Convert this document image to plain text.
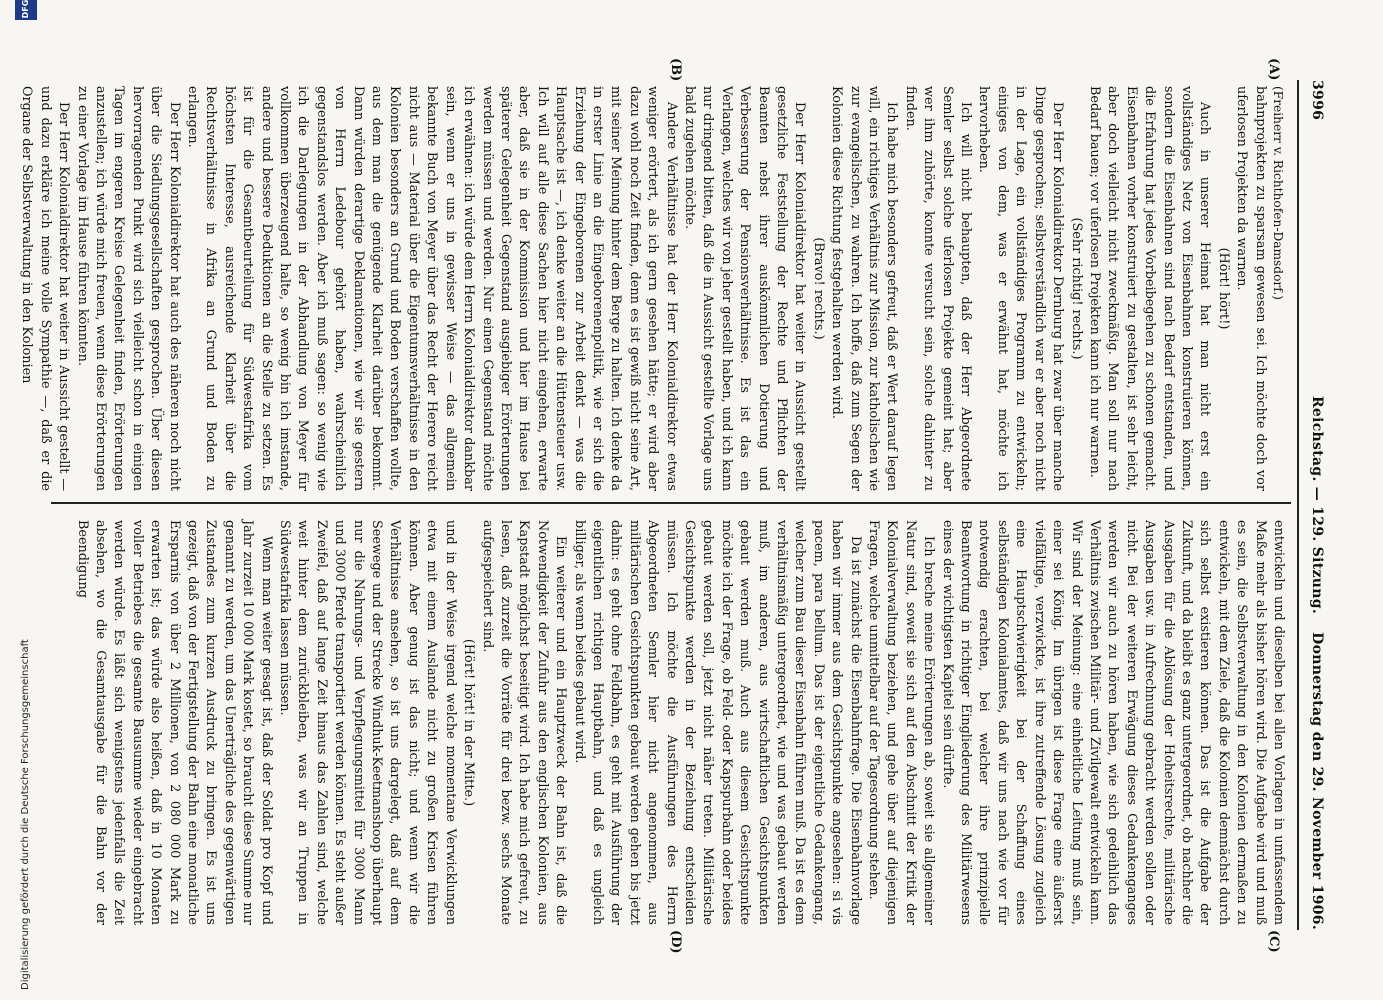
3996
Reichstag. — 129. Sitzung.
Donnerstag den 29. November 1906.
(A)
(B)
(C)
(D)

(Freiherr v. Richthofen-Damsdorf.)

bahnprojekten zu sparsam gewesen sei. Ich möchte doch vor uferlosen Projekten da warnen.

(Hört! hört!)

Auch in unserer Heimat hat man nicht erst ein vollständiges Netz von Eisenbahnen konstruieren können, sondern die Eisenbahnen sind nach Bedarf entstanden, und die Erfahrung hat jedes Vorbeibegehen zu schonen gemacht. Eisenbahnen vorher konstruiert zu gestalten, ist sehr leicht, aber doch vielleicht nicht zweckmäßig. Man soll nur nach Bedarf bauen; vor uferlosen Projekten kann ich nur warnen.

(Sehr richtig! rechts.)

Der Herr Kolonialdirektor Dernburg hat zwar über manche Dinge gesprochen; selbstverständlich war er aber noch nicht in der Lage, ein vollständiges Programm zu entwickeln; einiges von dem, was er erwähnt hat, möchte ich hervorheben.

Ich will nicht behaupten, daß der Herr Abgeordnete Semler selbst solche uferlosen Projekte gemeint hat; aber wer ihm zuhörte, konnte versucht sein, solche dahinter zu finden.

Ich habe mich besonders gefreut, daß er Wert darauf legen will, ein richtiges Verhältnis zur Mission, zur katholischen wie zur evangelischen, zu wahren. Ich hoffe, daß zum Segen der Kolonien diese Richtung festgehalten werden wird.

(Bravo! rechts.)

Der Herr Kolonialdirektor hat weiter in Aussicht gestellt gesetzliche Feststellung der Rechte und Pflichten der Beamten nebst ihrer auskömmlichen Dotierung und Verbesserung der Pensionsverhältnisse. Es ist das ein Verlangen, welches wir von jeher gestellt haben, und ich kann nur dringend bitten, daß die in Aussicht gestellte Vorlage uns bald zugehen möchte.

Andere Verhältnisse hat der Herr Kolonialdirektor etwas weniger erörtert, als ich gern gesehen hätte; er wird aber dazu wohl noch Zeit finden, denn es ist gewiß nicht seine Art, mit seiner Meinung hinter dem Berge zu halten. Ich denke da in erster Linie an die Eingeborenenpolitik, wie er sich die Erziehung der Eingeborenen zur Arbeit denkt — was die Hauptsache ist —, ich denke weiter an die Hüttensteuer usw. Ich will auf alle diese Sachen hier nicht eingehen, erwarte aber, daß sie in der Kommission und hier im Hause bei späterer Gelegenheit Gegenstand ausgiebiger Erörterungen werden müssen und werden. Nur einen Gegenstand möchte ich erwähnen: ich würde dem Herrn Kolonialdirektor dankbar sein, wenn er uns in gewisser Weise — das allgemein bekannte Buch von Meyer über das Recht der Herero reicht nicht aus — Material über die Eigentumsverhältnisse in den Kolonien besonders an Grund und Boden verschaffen wollte, aus dem man die genügende Klarheit darüber bekommt. Dann würden derartige Deklamationen, wie wir sie gestern von Herrn Ledebour gehört haben, wahrscheinlich gegenstandslos werden. Aber ich muß sagen: so wenig wie ich die Darlegungen in der Abhandlung von Meyer für vollkommen überzeugend halte, so wenig bin ich imstande, andere und bessere Deduktionen an die Stelle zu setzen. Es ist für die Gesamtbeurteilung für Südwestafrika vom höchsten Interesse, ausreichende Klarheit über die Rechtsverhältnisse in Afrika an Grund und Boden zu erlangen.

Der Herr Kolonialdirektor hat auch des näheren noch nicht über die Siedlungsgesellschaften gesprochen. Über diesen hervorragenden Punkt wird sich vielleicht schon in einigen Tagen im engeren Kreise Gelegenheit finden, Erörterungen anzustellen; ich würde mich freuen, wenn diese Erörterungen zu einer Vorlage im Hause führen könnten.

Der Herr Kolonialdirektor hat weiter in Aussicht gestellt — und dazu erkläre ich meine volle Sympathie —, daß er die Organe der Selbstverwaltung in den Kolonien

entwickeln und dieselben bei allen Vorlagen in umfassendem Maße mehr als bisher hören wird. Die Aufgabe wird und muß es sein, die Selbstverwaltung in den Kolonien dermaßen zu entwickeln, mit dem Ziele, daß die Kolonien demnächst durch sich selbst existieren können. Das ist die Aufgabe der Zukunft, und da bleibt es ganz untergeordnet, ob nachher die Ausgaben für die Ablösung der Hoheitsrechte, militärische Ausgaben usw. in Aufrechnung gebracht werden sollen oder nicht. Bei der weiteren Erwägung dieses Gedankenganges werden wir auch zu hören haben, wie sich gedeihlich das Verhältnis zwischen Militär- und Zivilgewalt entwickeln kann. Wir sind der Meinung: eine einheitliche Leitung muß sein, einer sei König. Im übrigen ist diese Frage eine äußerst vielfältige, verzwickte, ist ihre zutreffende Lösung zugleich eine Hauptschwierigkeit bei der Schaffung eines selbständigen Kolonialamtes, daß wir uns nach wie vor für notwendig erachten, bei welcher ihre prinzipielle Beantwortung in richtiger Eingliederung des Militärwesens eines der wichtigsten Kapitel sein dürfte.

Ich breche meine Erörterungen ab, soweit sie allgemeiner Natur sind, soweit sie sich auf den Abschnitt der Kritik der Kolonialverwaltung beziehen, und gehe über auf diejenigen Fragen, welche unmittelbar auf der Tagesordnung stehen.

Da ist zunächst die Eisenbahnfrage. Die Eisenbahnvorlage haben wir immer aus dem Gesichtspunkte angesehen: si vis pacem, para bellum. Das ist der eigentliche Gedankengang, welcher zum Bau dieser Eisenbahn führen muß. Da ist es dem verhältnismäßig untergeordnet, wie und was gebaut werden muß, im anderen, aus wirtschaftlichen Gesichtspunkten gebaut werden muß. Auch aus diesem Gesichtspunkte möchte ich der Frage, ob Feld- oder Kapspurbahn oder beides gebaut werden soll, jetzt nicht näher treten. Militärische Gesichtspunkte werden in der Beziehung entscheiden müssen. Ich möchte die Ausführungen des Herrn Abgeordneten Semler hier nicht angenommen, aus militärischen Gesichtspunkten gebaut werden gehen bis jetzt dahin: es geht ohne Feldbahn, es geht mit Ausführung der eigentlichen richtigen Hauptbahn, und daß es ungleich billiger, als wenn beides gebaut wird.

Ein weiterer und ein Hauptzweck der Bahn ist, daß die Notwendigkeit der Zufuhr aus den englischen Kolonien, aus Kapstadt möglichst beseitigt wird. Ich habe mich gefreut, zu lesen, daß zurzeit die Vorräte für drei bezw. sechs Monate aufgespeichert sind.

(Hört! hört! in der Mitte.)

und in der Weise irgend welche momentane Verwicklungen etwa mit einem Auslande nicht zu großen Krisen führen können. Aber genug ist das nicht; und wenn wir die Verhältnisse ansehen, so ist uns dargelegt, daß auf dem Seewege und der Strecke Windhuk-Keetmanshoop überhaupt nur die Nahrungs- und Verpflegungsmittel für 3000 Mann und 3000 Pferde transportiert werden können. Es steht außer Zweifel, daß auf lange Zeit hinaus das Zahlen sind, welche weit hinter dem zurückbleiben, was wir an Truppen in Südwestafrika lassen müssen.

Wenn man weiter gesagt ist, daß der Soldat pro Kopf und Jahr zurzeit 10 000 Mark kostet, so braucht diese Summe nur genannt zu werden, um das Unerträgliche des gegenwärtigen Zustandes zum kurzen Ausdruck zu bringen. Es ist uns gezeigt, daß von der Fertigstellung der Bahn eine monatliche Ersparnis von über 2 Millionen, von 2 080 000 Mark zu erwarten ist; das würde also heißen, daß in 10 Monaten voller Betriebes die gesamte Bausumme wieder eingebracht werden würde. Es läßt sich wenigstens jedenfalls die Zeit absehen, wo die Gesamtausgabe für die Bahn vor der Beendigung

DFG
Digitalisierung gefördert durch die Deutsche Forschungsgemeinschaft
